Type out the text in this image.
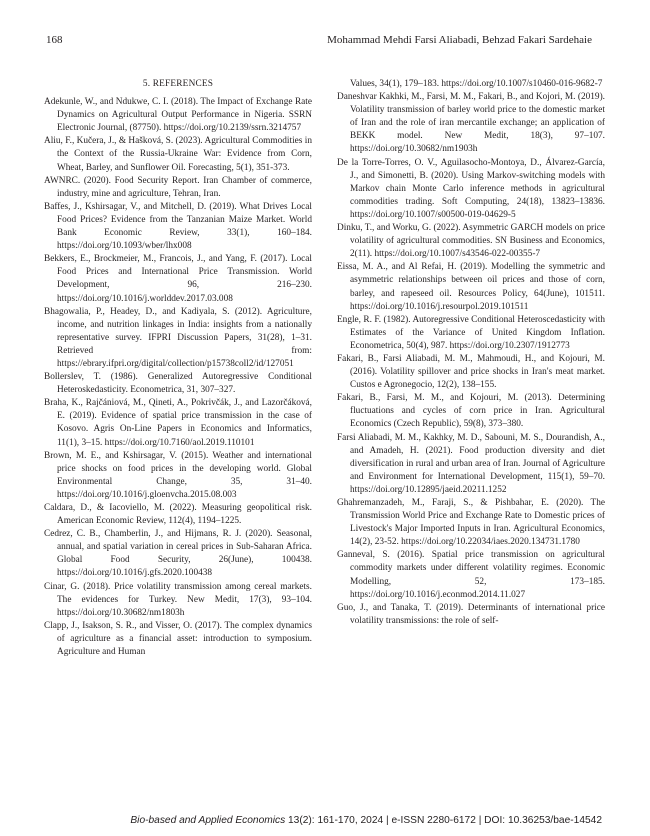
168	Mohammad Mehdi Farsi Aliabadi, Behzad Fakari Sardehaie
5. REFERENCES

Adekunle, W., and Ndukwe, C. I. (2018). The Impact of Exchange Rate Dynamics on Agricultural Output Performance in Nigeria. SSRN Electronic Journal, (87750). https://doi.org/10.2139/ssrn.3214757

Aliu, F., Kučera, J., & Hašková, S. (2023). Agricultural Commodities in the Context of the Russia-Ukraine War: Evidence from Corn, Wheat, Barley, and Sunflower Oil. Forecasting, 5(1), 351-373.

AWNRC. (2020). Food Security Report. Iran Chamber of commerce, industry, mine and agriculture, Tehran, Iran.

Baffes, J., Kshirsagar, V., and Mitchell, D. (2019). What Drives Local Food Prices? Evidence from the Tanzanian Maize Market. World Bank Economic Review, 33(1), 160–184. https://doi.org/10.1093/wber/lhx008

Bekkers, E., Brockmeier, M., Francois, J., and Yang, F. (2017). Local Food Prices and International Price Transmission. World Development, 96, 216–230. https://doi.org/10.1016/j.worlddev.2017.03.008

Bhagowalia, P., Headey, D., and Kadiyala, S. (2012). Agriculture, income, and nutrition linkages in India: insights from a nationally representative survey. IFPRI Discussion Papers, 31(28), 1–31. Retrieved from: https://ebrary.ifpri.org/digital/collection/p15738coll2/id/127051

Bollerslev, T. (1986). Generalized Autoregressive Conditional Heteroskedasticity. Econometrica, 31, 307–327.

Braha, K., Rajčániová, M., Qineti, A., Pokrivčák, J., and Lazorčáková, E. (2019). Evidence of spatial price transmission in the case of Kosovo. Agris On-Line Papers in Economics and Informatics, 11(1), 3–15. https://doi.org/10.7160/aol.2019.110101

Brown, M. E., and Kshirsagar, V. (2015). Weather and international price shocks on food prices in the developing world. Global Environmental Change, 35, 31–40. https://doi.org/10.1016/j.gloenvcha.2015.08.003

Caldara, D., & Iacoviello, M. (2022). Measuring geopolitical risk. American Economic Review, 112(4), 1194–1225.

Cedrez, C. B., Chamberlin, J., and Hijmans, R. J. (2020). Seasonal, annual, and spatial variation in cereal prices in Sub-Saharan Africa. Global Food Security, 26(June), 100438. https://doi.org/10.1016/j.gfs.2020.100438

Cinar, G. (2018). Price volatility transmission among cereal markets. The evidences for Turkey. New Medit, 17(3), 93–104. https://doi.org/10.30682/nm1803h

Clapp, J., Isakson, S. R., and Visser, O. (2017). The complex dynamics of agriculture as a financial asset: introduction to symposium. Agriculture and Human

Values, 34(1), 179–183. https://doi.org/10.1007/s10460-016-9682-7

Daneshvar Kakhki, M., Farsi, M. M., Fakari, B., and Kojori, M. (2019). Volatility transmission of barley world price to the domestic market of Iran and the role of iran mercantile exchange; an application of BEKK model. New Medit, 18(3), 97–107. https://doi.org/10.30682/nm1903h

De la Torre-Torres, O. V., Aguilasocho-Montoya, D., Álvarez-García, J., and Simonetti, B. (2020). Using Markov-switching models with Markov chain Monte Carlo inference methods in agricultural commodities trading. Soft Computing, 24(18), 13823–13836. https://doi.org/10.1007/s00500-019-04629-5

Dinku, T., and Worku, G. (2022). Asymmetric GARCH models on price volatility of agricultural commodities. SN Business and Economics, 2(11). https://doi.org/10.1007/s43546-022-00355-7

Eissa, M. A., and Al Refai, H. (2019). Modelling the symmetric and asymmetric relationships between oil prices and those of corn, barley, and rapeseed oil. Resources Policy, 64(June), 101511. https://doi.org/10.1016/j.resourpol.2019.101511

Engle, R. F. (1982). Autoregressive Conditional Heteroscedasticity with Estimates of the Variance of United Kingdom Inflation. Econometrica, 50(4), 987. https://doi.org/10.2307/1912773

Fakari, B., Farsi Aliabadi, M. M., Mahmoudi, H., and Kojouri, M. (2016). Volatility spillover and price shocks in Iran's meat market. Custos e Agronegocio, 12(2), 138–155.

Fakari, B., Farsi, M. M., and Kojouri, M. (2013). Determining fluctuations and cycles of corn price in Iran. Agricultural Economics (Czech Republic), 59(8), 373–380.

Farsi Aliabadi, M. M., Kakhky, M. D., Sabouni, M. S., Dourandish, A., and Amadeh, H. (2021). Food production diversity and diet diversification in rural and urban area of Iran. Journal of Agriculture and Environment for International Development, 115(1), 59–70. https://doi.org/10.12895/jaeid.20211.1252

Ghahremanzadeh, M., Faraji, S., & Pishbahar, E. (2020). The Transmission World Price and Exchange Rate to Domestic prices of Livestock's Major Imported Inputs in Iran. Agricultural Economics, 14(2), 23-52. https://doi.org/10.22034/iaes.2020.134731.1780

Ganneval, S. (2016). Spatial price transmission on agricultural commodity markets under different volatility regimes. Economic Modelling, 52, 173–185. https://doi.org/10.1016/j.econmod.2014.11.027

Guo, J., and Tanaka, T. (2019). Determinants of international price volatility transmissions: the role of self-

Bio-based and Applied Economics 13(2): 161-170, 2024 | e-ISSN 2280-6172 | DOI: 10.36253/bae-14542
